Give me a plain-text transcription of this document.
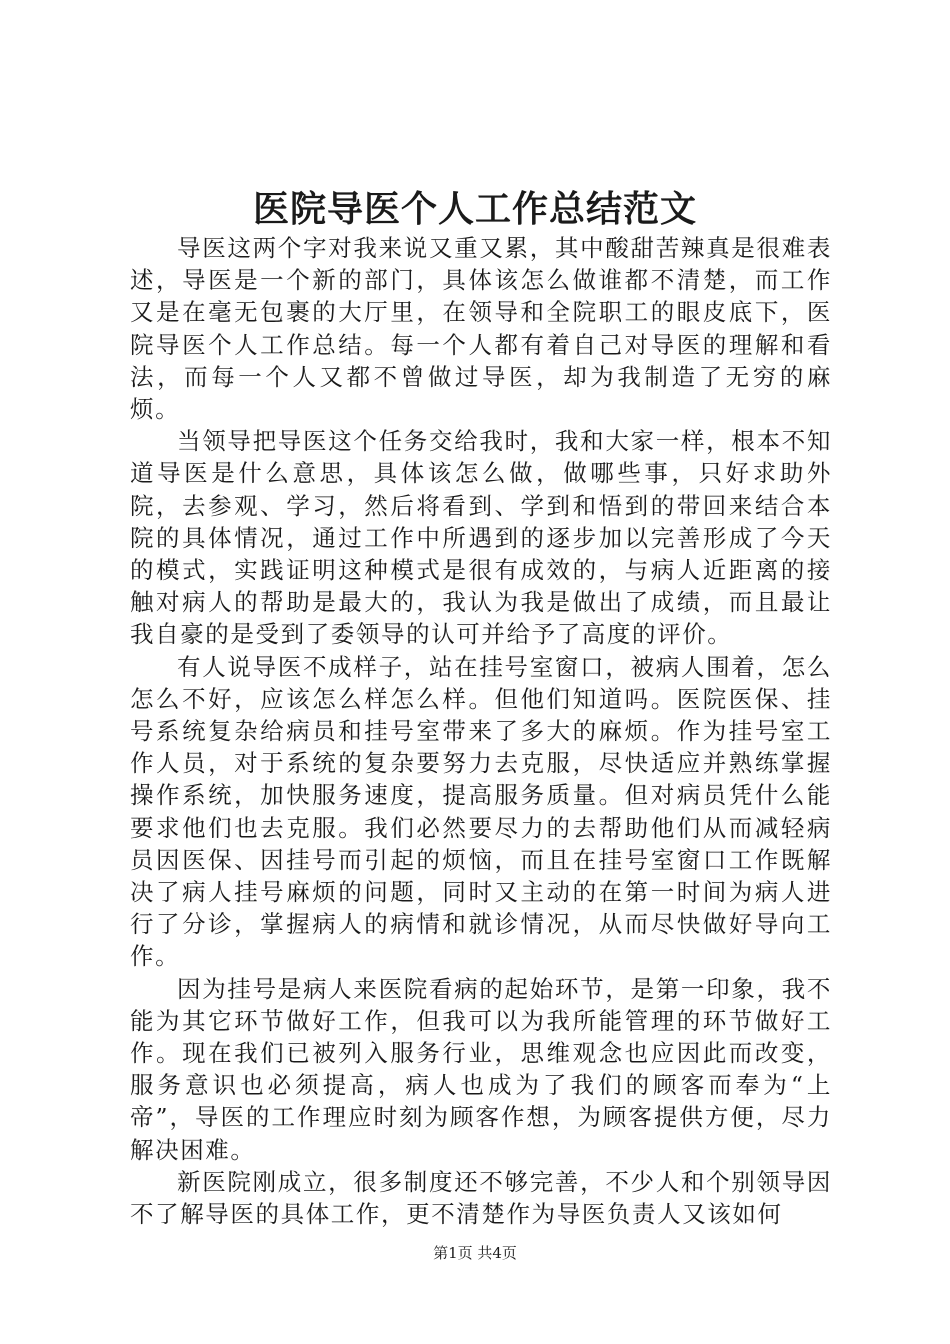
医院导医个人工作总结范文

导医这两个字对我来说又重又累，其中酸甜苦辣真是很难表述，导医是一个新的部门，具体该怎么做谁都不清楚，而工作又是在毫无包裹的大厅里，在领导和全院职工的眼皮底下，医院导医个人工作总结。每一个人都有着自己对导医的理解和看法，而每一个人又都不曾做过导医，却为我制造了无穷的麻烦。

当领导把导医这个任务交给我时，我和大家一样，根本不知道导医是什么意思，具体该怎么做，做哪些事，只好求助外院，去参观、学习，然后将看到、学到和悟到的带回来结合本院的具体情况，通过工作中所遇到的逐步加以完善形成了今天的模式，实践证明这种模式是很有成效的，与病人近距离的接触对病人的帮助是最大的，我认为我是做出了成绩，而且最让我自豪的是受到了委领导的认可并给予了高度的评价。

有人说导医不成样子，站在挂号室窗口，被病人围着，怎么怎么不好，应该怎么样怎么样。但他们知道吗。医院医保、挂号系统复杂给病员和挂号室带来了多大的麻烦。作为挂号室工作人员，对于系统的复杂要努力去克服，尽快适应并熟练掌握操作系统，加快服务速度，提高服务质量。但对病员凭什么能要求他们也去克服。我们必然要尽力的去帮助他们从而减轻病员因医保、因挂号而引起的烦恼，而且在挂号室窗口工作既解决了病人挂号麻烦的问题，同时又主动的在第一时间为病人进行了分诊，掌握病人的病情和就诊情况，从而尽快做好导向工作。

因为挂号是病人来医院看病的起始环节，是第一印象，我不能为其它环节做好工作，但我可以为我所能管理的环节做好工作。现在我们已被列入服务行业，思维观念也应因此而改变，服务意识也必须提高，病人也成为了我们的顾客而奉为“上帝”，导医的工作理应时刻为顾客作想，为顾客提供方便，尽力解决困难。

新医院刚成立，很多制度还不够完善，不少人和个别领导因不了解导医的具体工作，更不清楚作为导医负责人又该如何

第1页 共4页
